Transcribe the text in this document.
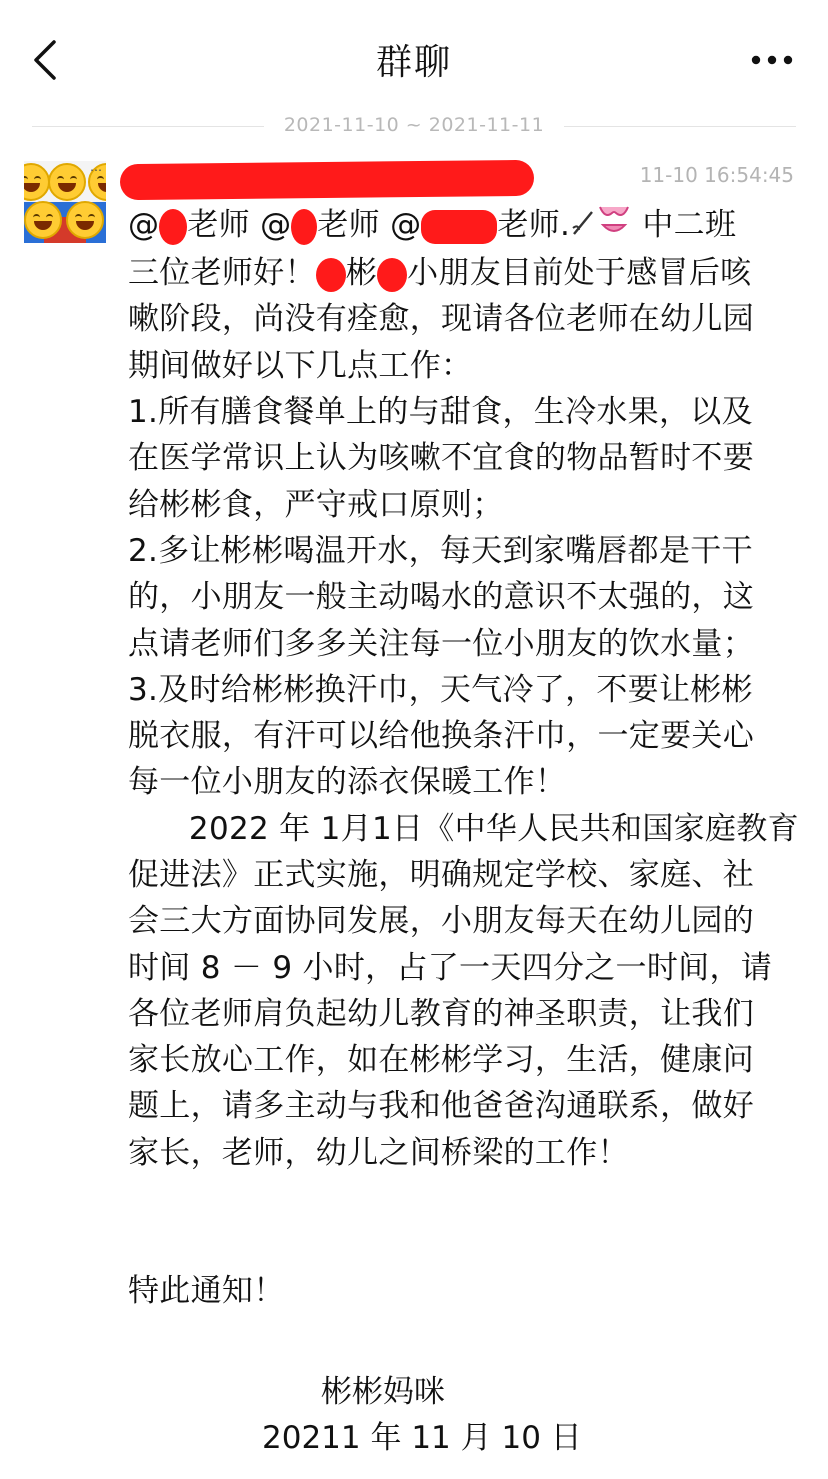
群聊
2021-11-10 ~ 2021-11-11
⋯	11-10 16:54:45
@ 老师 @ 老师 @ 老师. 中二班
三位老师好！ 彬 小朋友目前处于感冒后咳
嗽阶段，尚没有痊愈，现请各位老师在幼儿园
期间做好以下几点工作：
1.所有膳食餐单上的与甜食，生冷水果，以及
在医学常识上认为咳嗽不宜食的物品暂时不要
给彬彬食，严守戒口原则；
2.多让彬彬喝温开水，每天到家嘴唇都是干干
的，小朋友一般主动喝水的意识不太强的，这
点请老师们多多关注每一位小朋友的饮水量；
3.及时给彬彬换汗巾，天气冷了，不要让彬彬
脱衣服，有汗可以给他换条汗巾，一定要关心
每一位小朋友的添衣保暖工作！
2022 年 1月1日《中华人民共和国家庭教育
促进法》正式实施，明确规定学校、家庭、社
会三大方面协同发展，小朋友每天在幼儿园的
时间 8 － 9 小时，占了一天四分之一时间，请
各位老师肩负起幼儿教育的神圣职责，让我们
家长放心工作，如在彬彬学习，生活，健康问
题上，请多主动与我和他爸爸沟通联系，做好
家长，老师，幼儿之间桥梁的工作！
特此通知！
彬彬妈咪
20211 年 11 月 10 日
